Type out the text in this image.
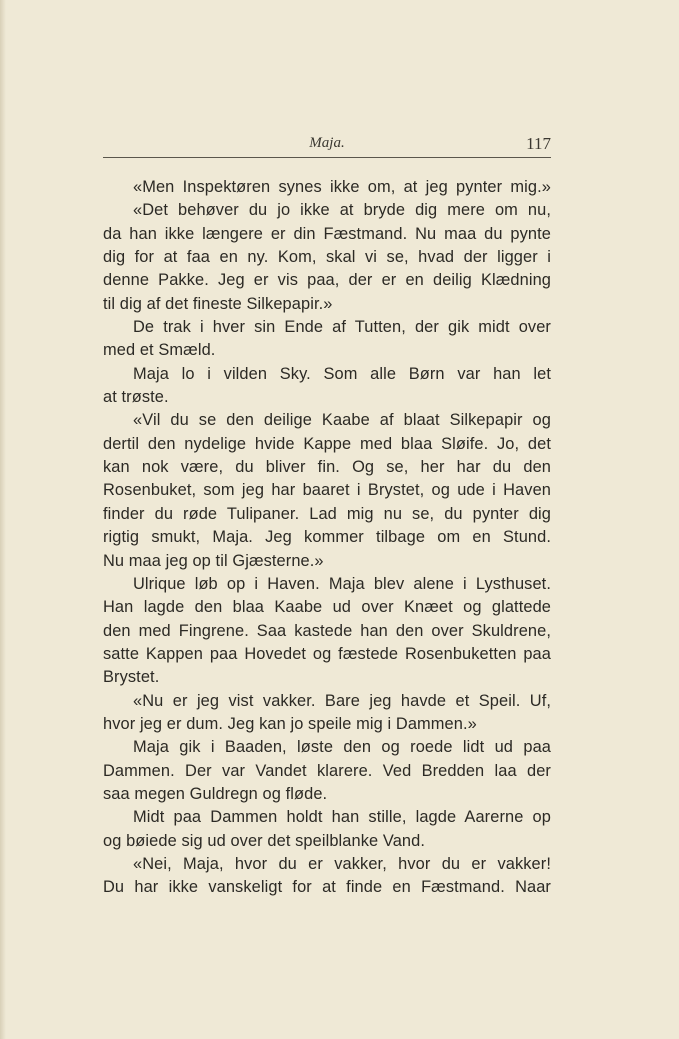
Maja.	117
«Men Inspektøren synes ikke om, at jeg pynter mig.»
«Det behøver du jo ikke at bryde dig mere om nu,
da han ikke længere er din Fæstmand. Nu maa du pynte
dig for at faa en ny. Kom, skal vi se, hvad der ligger i
denne Pakke. Jeg er vis paa, der er en deilig Klædning
til dig af det fineste Silkepapir.»
De trak i hver sin Ende af Tutten, der gik midt over
med et Smæld.
Maja lo i vilden Sky. Som alle Børn var han let
at trøste.
«Vil du se den deilige Kaabe af blaat Silkepapir og
dertil den nydelige hvide Kappe med blaa Sløife. Jo, det
kan nok være, du bliver fin. Og se, her har du den
Rosenbuket, som jeg har baaret i Brystet, og ude i Haven
finder du røde Tulipaner. Lad mig nu se, du pynter dig
rigtig smukt, Maja. Jeg kommer tilbage om en Stund.
Nu maa jeg op til Gjæsterne.»
Ulrique løb op i Haven. Maja blev alene i Lysthuset.
Han lagde den blaa Kaabe ud over Knæet og glattede
den med Fingrene. Saa kastede han den over Skuldrene,
satte Kappen paa Hovedet og fæstede Rosenbuketten paa
Brystet.
«Nu er jeg vist vakker. Bare jeg havde et Speil. Uf,
hvor jeg er dum. Jeg kan jo speile mig i Dammen.»
Maja gik i Baaden, løste den og roede lidt ud paa
Dammen. Der var Vandet klarere. Ved Bredden laa der
saa megen Guldregn og fløde.
Midt paa Dammen holdt han stille, lagde Aarerne op
og bøiede sig ud over det speilblanke Vand.
«Nei, Maja, hvor du er vakker, hvor du er vakker!
Du har ikke vanskeligt for at finde en Fæstmand. Naar
